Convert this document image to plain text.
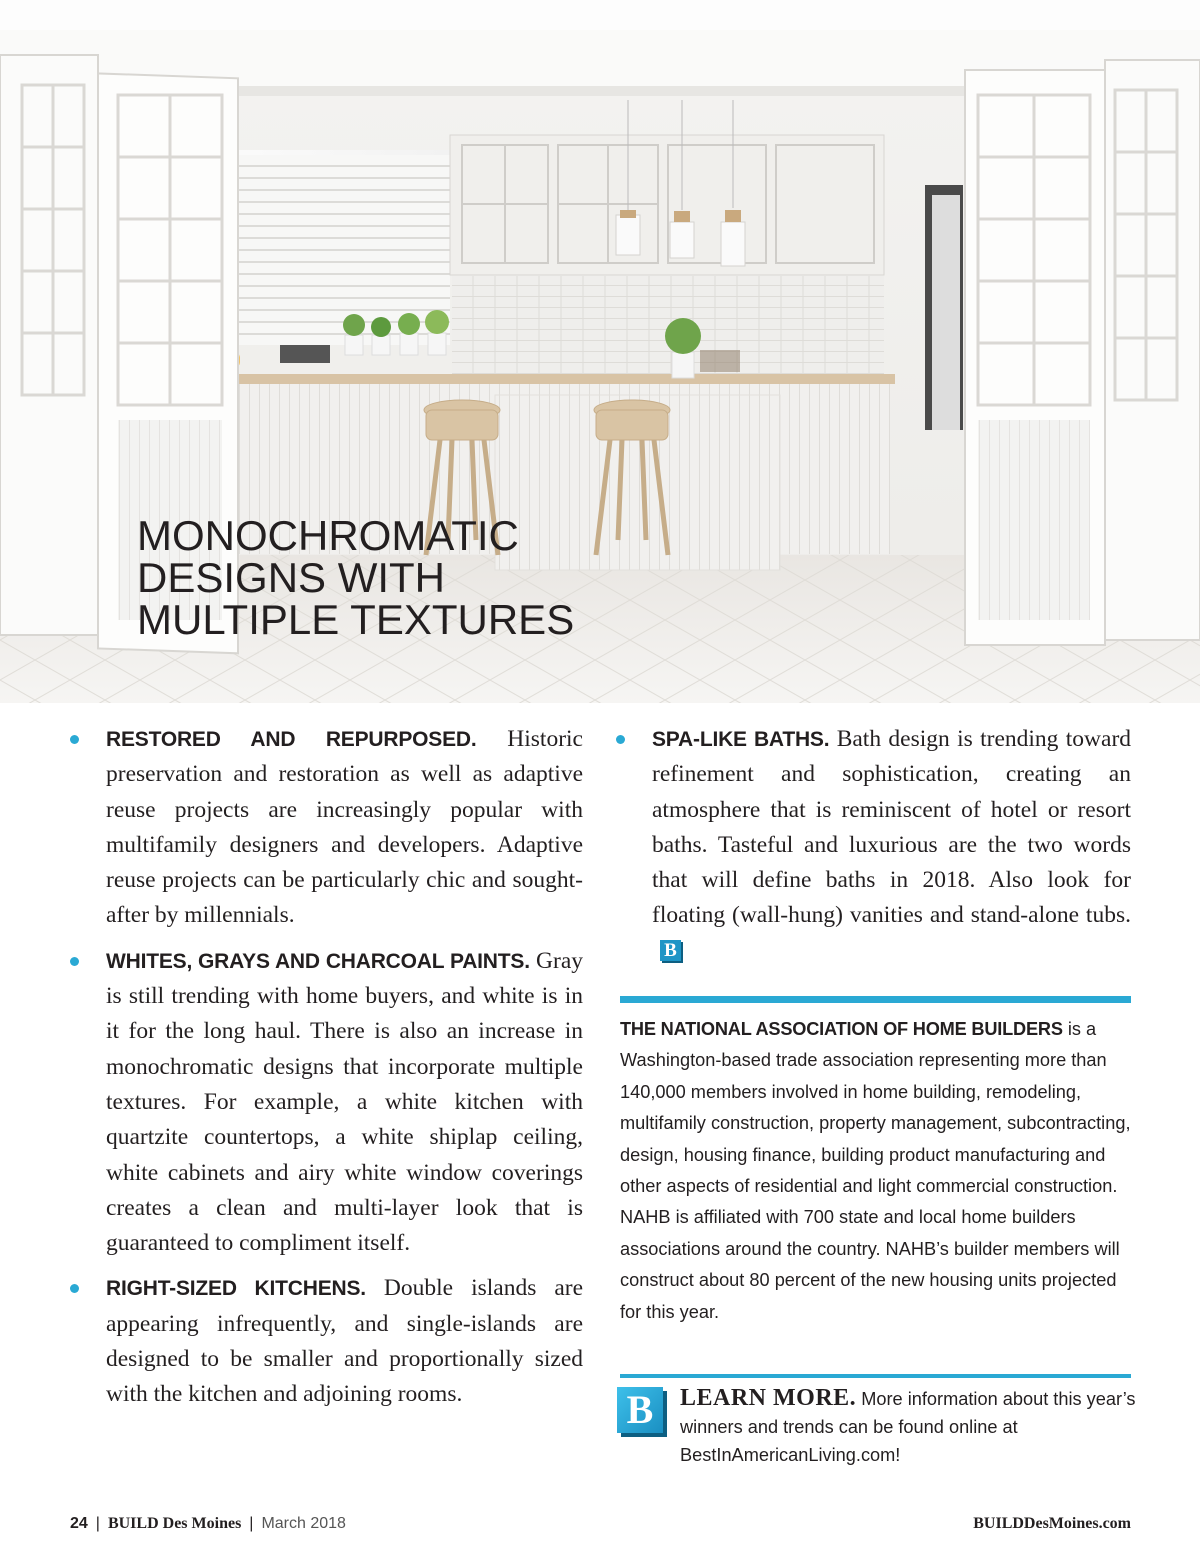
MONOCHROMATIC
DESIGNS WITH
MULTIPLE TEXTURES

RESTORED AND REPURPOSED. Historic preservation and restoration as well as adaptive reuse projects are increasingly popular with multifamily designers and developers. Adaptive reuse projects can be particularly chic and sought-after by millennials.

WHITES, GRAYS AND CHARCOAL PAINTS. Gray is still trending with home buyers, and white is in it for the long haul. There is also an increase in monochromatic designs that incorporate multiple textures. For example, a white kitchen with quartzite countertops, a white shiplap ceiling, white cabinets and airy white window coverings creates a clean and multi-layer look that is guaranteed to compliment itself.

RIGHT-SIZED KITCHENS. Double islands are appearing infrequently, and single-islands are designed to be smaller and proportionally sized with the kitchen and adjoining rooms.

SPA-LIKE BATHS. Bath design is trending toward refinement and sophistication, creating an atmosphere that is reminiscent of hotel or resort baths. Tasteful and luxurious are the two words that will define baths in 2018. Also look for floating (wall-hung) vanities and stand-alone tubs.B

THE NATIONAL ASSOCIATION OF HOME BUILDERS is a Washington-based trade association representing more than 140,000 members involved in home building, remodeling, multifamily construction, property management, subcontracting, design, housing finance, building product manufacturing and other aspects of residential and light commercial construction. NAHB is affiliated with 700 state and local home builders associations around the country. NAHB’s builder members will construct about 80 percent of the new housing units projected for this year.

B	LEARN MORE. More information about this year’s winners and trends can be found online at BestInAmericanLiving.com!

24 | BUILD Des Moines | March 2018	BUILDDesMoines.com
